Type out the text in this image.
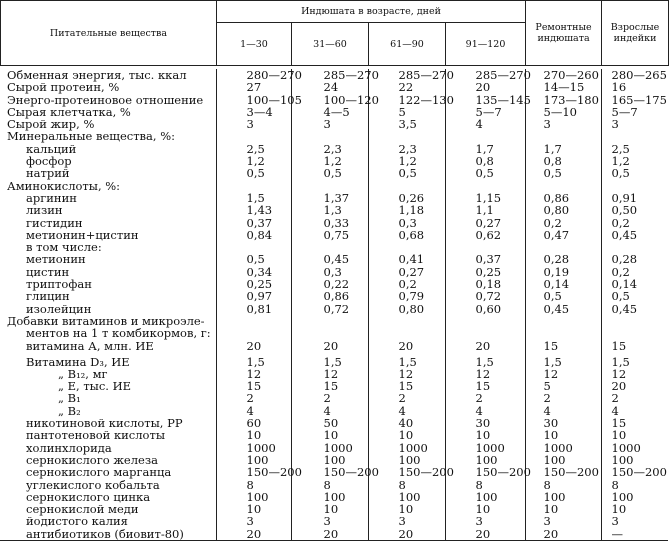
Питательные вещества	Индюшата в возрасте, дней				Ремонтные индюшата	Взрослые индейки
	1—30	31—60	61—90	91—120		
Обменная энергия, тыс. ккал	280—270	285—270	285—270	285—270	270—260	280—265
Сырой протеин, %	27	24	22	20	14—15	16
Энерго-протеиновое отношение	100—105	100—120	122—130	135—145	173—180	165—175
Сырая клетчатка, %	3—4	4—5	5	5—7	5—10	5—7
Сырой жир, %	3	3	3,5	4	3	3
Минеральные вещества, %:						
кальций	2,5	2,3	2,3	1,7	1,7	2,5
фосфор	1,2	1,2	1,2	0,8	0,8	1,2
натрий	0,5	0,5	0,5	0,5	0,5	0,5
Аминокислоты, %:						
аргинин	1,5	1,37	0,26	1,15	0,86	0,91
лизин	1,43	1,3	1,18	1,1	0,80	0,50
гистидин	0,37	0,33	0,3	0,27	0,2	0,2
метионин+цистин	0,84	0,75	0,68	0,62	0,47	0,45
в том числе:						
метионин	0,5	0,45	0,41	0,37	0,28	0,28
цистин	0,34	0,3	0,27	0,25	0,19	0,2
триптофан	0,25	0,22	0,2	0,18	0,14	0,14
глицин	0,97	0,86	0,79	0,72	0,5	0,5
изолейцин	0,81	0,72	0,80	0,60	0,45	0,45
Добавки витаминов и микроэле-						
ментов на 1 т комбикормов, г:						
витамина А, млн. ИЕ	20	20	20	20	15	15
Витамина D₃, ИЕ	1,5	1,5	1,5	1,5	1,5	1,5
„ B₁₂, мг	12	12	12	12	12	12
„ Е, тыс. ИЕ	15	15	15	15	5	20
„ B₁	2	2	2	2	2	2
„ B₂	4	4	4	4	4	4
никотиновой кислоты, РР	60	50	40	30	30	15
пантотеновой кислоты	10	10	10	10	10	10
холинхлорида	1000	1000	1000	1000	1000	1000
сернокислого железа	100	100	100	100	100	100
сернокислого марганца	150—200	150—200	150—200	150—200	150—200	150—200
углекислого кобальта	8	8	8	8	8	8
сернокислого цинка	100	100	100	100	100	100
сернокислой меди	10	10	10	10	10	10
йодистого калия	3	3	3	3	3	3
антибиотиков (биовит-80)	20	20	20	20	20	—
